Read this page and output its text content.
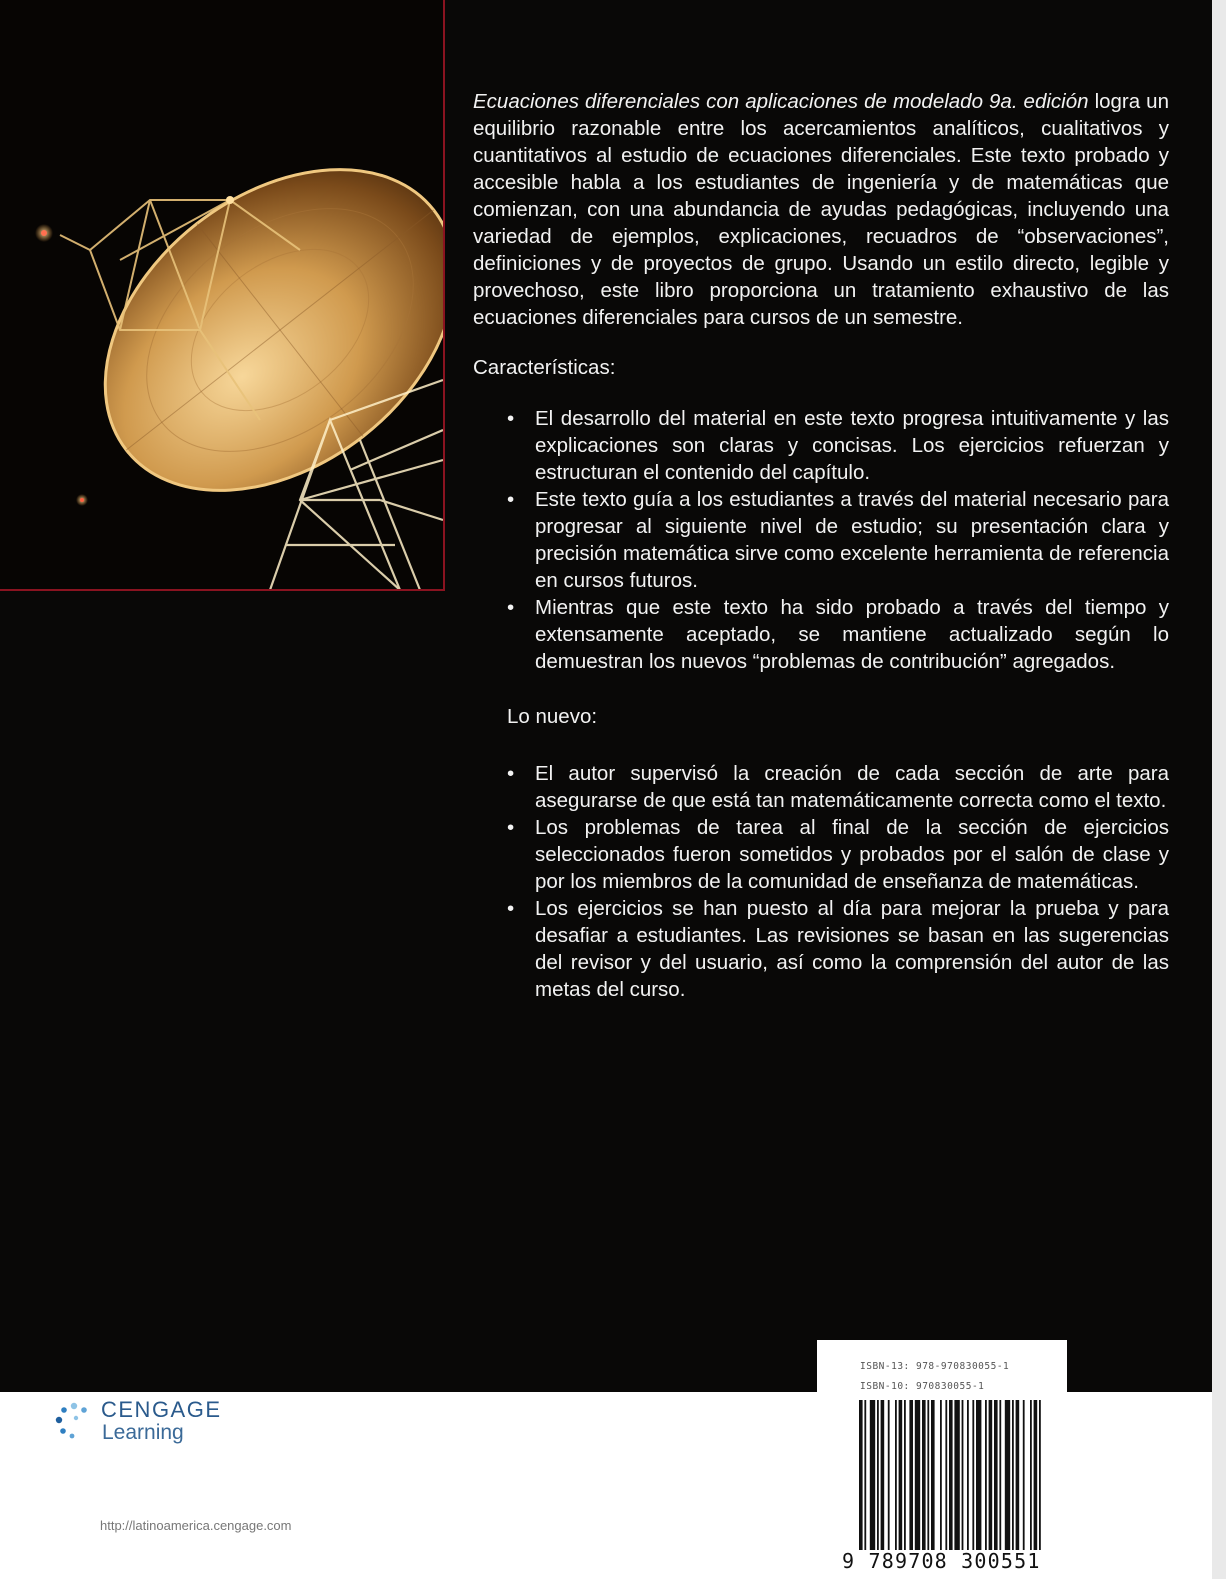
Ecuaciones diferenciales con aplicaciones de modelado 9a. edición logra un equilibrio razonable entre los acercamientos analíticos, cualitativos y cuantitativos al estudio de ecuaciones diferenciales. Este texto probado y accesible habla a los estudiantes de ingeniería y de matemáticas que comienzan, con una abundancia de ayudas pedagógicas, incluyendo una variedad de ejemplos, explicaciones, recuadros de “observaciones”, definiciones y de proyectos de grupo. Usando un estilo directo, legible y provechoso, este libro proporciona un tratamiento exhaustivo de las ecuaciones diferenciales para cursos de un semestre.

Características:

• El desarrollo del material en este texto progresa intuitivamente y las explicaciones son claras y concisas. Los ejercicios refuerzan y estructuran el contenido del capítulo.
• Este texto guía a los estudiantes a través del material necesario para progresar al siguiente nivel de estudio; su presentación clara y precisión matemática sirve como excelente herramienta de referencia en cursos futuros.
• Mientras que este texto ha sido probado a través del tiempo y extensamente aceptado, se mantiene actualizado según lo demuestran los nuevos “problemas de contribución” agregados.

Lo nuevo:

• El autor supervisó la creación de cada sección de arte para asegurarse de que está tan matemáticamente correcta como el texto.
• Los problemas de tarea al final de la sección de ejercicios seleccionados fueron sometidos y probados por el salón de clase y por los miembros de la comunidad de enseñanza de matemáticas.
• Los ejercicios se han puesto al día para mejorar la prueba y para desafiar a estudiantes. Las revisiones se basan en las sugerencias del revisor y del usuario, así como la comprensión del autor de las metas del curso.
CENGAGE
Learning
http://latinoamerica.cengage.com
ISBN-13: 978-970830055-1
ISBN-10: 970830055-1
9 789708 300551
